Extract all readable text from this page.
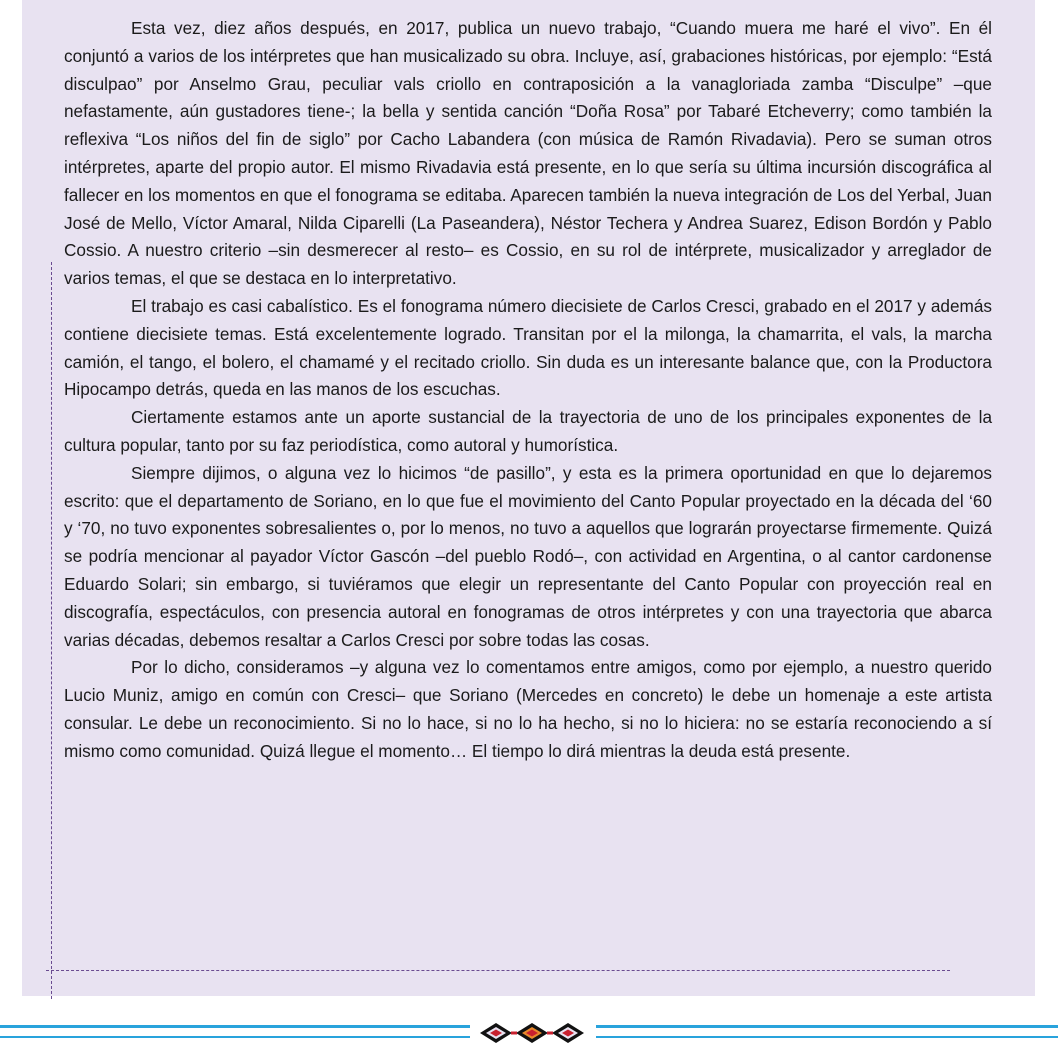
Esta vez, diez años después, en 2017, publica un nuevo trabajo, “Cuando muera me haré el vivo”. En él conjuntó a varios de los intérpretes que han musicalizado su obra. Incluye, así, grabaciones históricas, por ejemplo: “Está disculpao” por Anselmo Grau, peculiar vals criollo en contraposición a la vanagloriada zamba “Disculpe” –que nefastamente, aún gustadores tiene-; la bella y sentida canción “Doña Rosa” por Tabaré Etcheverry; como también la reflexiva “Los niños del fin de siglo” por Cacho Labandera (con música de Ramón Rivadavia). Pero se suman otros intérpretes, aparte del propio autor. El mismo Rivadavia está presente, en lo que sería su última incursión discográfica al fallecer en los momentos en que el fonograma se editaba. Aparecen también la nueva integración de Los del Yerbal, Juan José de Mello, Víctor Amaral, Nilda Ciparelli (La Paseandera), Néstor Techera y Andrea Suarez, Edison Bordón y Pablo Cossio. A nuestro criterio –sin desmerecer al resto– es Cossio, en su rol de intérprete, musicalizador y arreglador de varios temas, el que se destaca en lo interpretativo.

El trabajo es casi cabalístico. Es el fonograma número diecisiete de Carlos Cresci, grabado en el 2017 y además contiene diecisiete temas. Está excelentemente logrado. Transitan por el la milonga, la chamarrita, el vals, la marcha camión, el tango, el bolero, el chamamé y el recitado criollo. Sin duda es un interesante balance que, con la Productora Hipocampo detrás, queda en las manos de los escuchas.

Ciertamente estamos ante un aporte sustancial de la trayectoria de uno de los principales exponentes de la cultura popular, tanto por su faz periodística, como autoral y humorística.

Siempre dijimos, o alguna vez lo hicimos “de pasillo”, y esta es la primera oportunidad en que lo dejaremos escrito: que el departamento de Soriano, en lo que fue el movimiento del Canto Popular proyectado en la década del ‘60 y ‘70, no tuvo exponentes sobresalientes o, por lo menos, no tuvo a aquellos que lograrán proyectarse firmemente. Quizá se podría mencionar al payador Víctor Gascón –del pueblo Rodó–, con actividad en Argentina, o al cantor cardonense Eduardo Solari; sin embargo, si tuviéramos que elegir un representante del Canto Popular con proyección real en discografía, espectáculos, con presencia autoral en fonogramas de otros intérpretes y con una trayectoria que abarca varias décadas, debemos resaltar a Carlos Cresci por sobre todas las cosas.

Por lo dicho, consideramos –y alguna vez lo comentamos entre amigos, como por ejemplo, a nuestro querido Lucio Muniz, amigo en común con Cresci– que Soriano (Mercedes en concreto) le debe un homenaje a este artista consular. Le debe un reconocimiento. Si no lo hace, si no lo ha hecho, si no lo hiciera: no se estaría reconociendo a sí mismo como comunidad. Quizá llegue el momento… El tiempo lo dirá mientras la deuda está presente.
